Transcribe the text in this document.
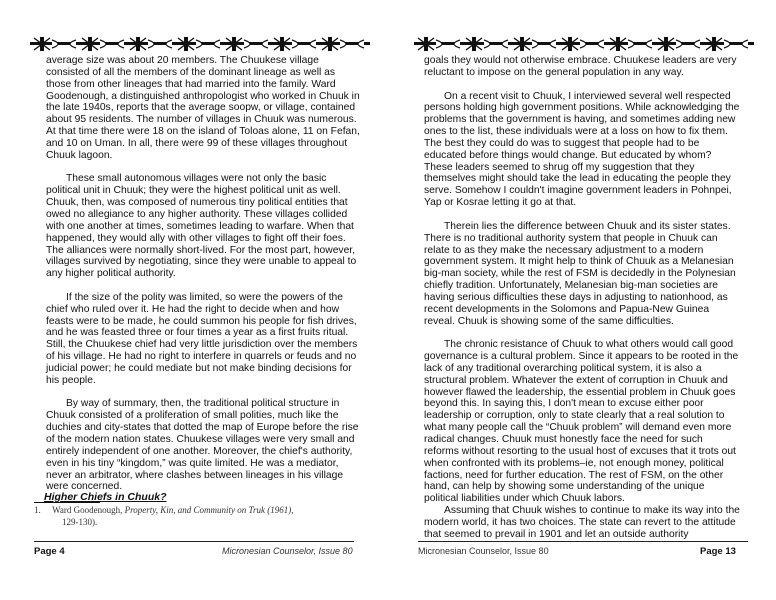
average size was about 20 members. The Chuukese village consisted of all the members of the dominant lineage as well as those from other lineages that had married into the family. Ward Goodenough, a distinguished anthropologist who worked in Chuuk in the late 1940s, reports that the average soopw, or village, contained about 95 residents. The number of villages in Chuuk was numerous. At that time there were 18 on the island of Toloas alone, 11 on Fefan, and 10 on Uman. In all, there were 99 of these villages throughout Chuuk lagoon.

These small autonomous villages were not only the basic political unit in Chuuk; they were the highest political unit as well. Chuuk, then, was composed of numerous tiny political entities that owed no allegiance to any higher authority. These villages collided with one another at times, sometimes leading to warfare. When that happened, they would ally with other villages to fight off their foes. The alliances were normally short-lived. For the most part, however, villages survived by negotiating, since they were unable to appeal to any higher political authority.

If the size of the polity was limited, so were the powers of the chief who ruled over it. He had the right to decide when and how feasts were to be made, he could summon his people for fish drives, and he was feasted three or four times a year as a first fruits ritual. Still, the Chuukese chief had very little jurisdiction over the members of his village. He had no right to interfere in quarrels or feuds and no judicial power; he could mediate but not make binding decisions for his people.

By way of summary, then, the traditional political structure in Chuuk consisted of a proliferation of small polities, much like the duchies and city-states that dotted the map of Europe before the rise of the modern nation states. Chuukese villages were very small and entirely independent of one another. Moreover, the chief's authority, even in his tiny “kingdom,” was quite limited. He was a mediator, never an arbitrator, where clashes between lineages in his village were concerned.

Higher Chiefs in Chuuk?
1. Ward Goodenough, Property, Kin, and Community on Truk (1961),
129-130).
Page 4	Micronesian Counselor, Issue 80

goals they would not otherwise embrace. Chuukese leaders are very reluctant to impose on the general population in any way.

On a recent visit to Chuuk, I interviewed several well respected persons holding high government positions. While acknowledging the problems that the government is having, and sometimes adding new ones to the list, these individuals were at a loss on how to fix them. The best they could do was to suggest that people had to be educated before things would change. But educated by whom? These leaders seemed to shrug off my suggestion that they themselves might should take the lead in educating the people they serve. Somehow I couldn't imagine government leaders in Pohnpei, Yap or Kosrae letting it go at that.

Therein lies the difference between Chuuk and its sister states. There is no traditional authority system that people in Chuuk can relate to as they make the necessary adjustment to a modern government system. It might help to think of Chuuk as a Melanesian big-man society, while the rest of FSM is decidedly in the Polynesian chiefly tradition. Unfortunately, Melanesian big-man societies are having serious difficulties these days in adjusting to nationhood, as recent developments in the Solomons and Papua-New Guinea reveal. Chuuk is showing some of the same difficulties.

The chronic resistance of Chuuk to what others would call good governance is a cultural problem. Since it appears to be rooted in the lack of any traditional overarching political system, it is also a structural problem. Whatever the extent of corruption in Chuuk and however flawed the leadership, the essential problem in Chuuk goes beyond this. In saying this, I don't mean to excuse either poor leadership or corruption, only to state clearly that a real solution to what many people call the “Chuuk problem” will demand even more radical changes. Chuuk must honestly face the need for such reforms without resorting to the usual host of excuses that it trots out when confronted with its problems–ie, not enough money, political factions, need for further education. The rest of FSM, on the other hand, can help by showing some understanding of the unique political liabilities under which Chuuk labors.

Assuming that Chuuk wishes to continue to make its way into the modern world, it has two choices. The state can revert to the attitude that seemed to prevail in 1901 and let an outside authority

Micronesian Counselor, Issue 80	Page 13
